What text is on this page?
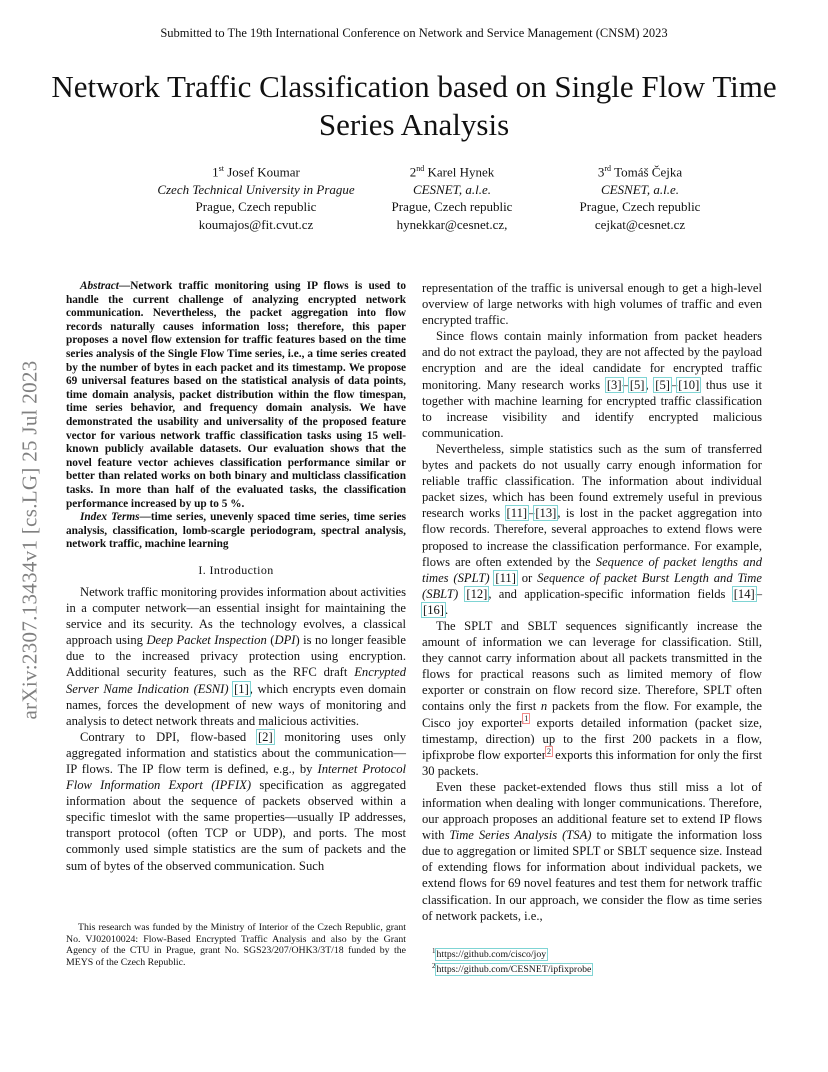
Submitted to The 19th International Conference on Network and Service Management (CNSM) 2023
Network Traffic Classification based on Single Flow Time Series Analysis
1st Josef Koumar
Czech Technical University in Prague
Prague, Czech republic
koumajos@fit.cvut.cz
2nd Karel Hynek
CESNET, a.l.e.
Prague, Czech republic
hynekkar@cesnet.cz,
3rd Tomáš Čejka
CESNET, a.l.e.
Prague, Czech republic
cejkat@cesnet.cz
arXiv:2307.13434v1 [cs.LG] 25 Jul 2023

Abstract—Network traffic monitoring using IP flows is used to handle the current challenge of analyzing encrypted network communication. Nevertheless, the packet aggregation into flow records naturally causes information loss; therefore, this paper proposes a novel flow extension for traffic features based on the time series analysis of the Single Flow Time series, i.e., a time series created by the number of bytes in each packet and its timestamp. We propose 69 universal features based on the statistical analysis of data points, time domain analysis, packet distribution within the flow timespan, time series behavior, and frequency domain analysis. We have demonstrated the usability and universality of the proposed feature vector for various network traffic classification tasks using 15 well-known publicly available datasets. Our evaluation shows that the novel feature vector achieves classification performance similar or better than related works on both binary and multiclass classification tasks. In more than half of the evaluated tasks, the classification performance increased by up to 5 %.

Index Terms—time series, unevenly spaced time series, time series analysis, classification, lomb-scargle periodogram, spectral analysis, network traffic, machine learning

I. Introduction

Network traffic monitoring provides information about activities in a computer network—an essential insight for maintaining the service and its security. As the technology evolves, a classical approach using Deep Packet Inspection (DPI) is no longer feasible due to the increased privacy protection using encryption. Additional security features, such as the RFC draft Encrypted Server Name Indication (ESNI) [1], which encrypts even domain names, forces the development of new ways of monitoring and analysis to detect network threats and malicious activities.

Contrary to DPI, flow-based [2] monitoring uses only aggregated information and statistics about the communication—IP flows. The IP flow term is defined, e.g., by Internet Protocol Flow Information Export (IPFIX) specification as aggregated information about the sequence of packets observed within a specific timeslot with the same properties—usually IP addresses, transport protocol (often TCP or UDP), and ports. The most commonly used simple statistics are the sum of packets and the sum of bytes of the observed communication. Such

This research was funded by the Ministry of Interior of the Czech Republic, grant No. VJ02010024: Flow-Based Encrypted Traffic Analysis and also by the Grant Agency of the CTU in Prague, grant No. SGS23/207/OHK3/3T/18 funded by the MEYS of the Czech Republic.

representation of the traffic is universal enough to get a high-level overview of large networks with high volumes of traffic and even encrypted traffic.

Since flows contain mainly information from packet headers and do not extract the payload, they are not affected by the payload encryption and are the ideal candidate for encrypted traffic monitoring. Many research works [3]–[5], [5]–[10] thus use it together with machine learning for encrypted traffic classification to increase visibility and identify encrypted malicious communication.

Nevertheless, simple statistics such as the sum of transferred bytes and packets do not usually carry enough information for reliable traffic classification. The information about individual packet sizes, which has been found extremely useful in previous research works [11]–[13], is lost in the packet aggregation into flow records. Therefore, several approaches to extend flows were proposed to increase the classification performance. For example, flows are often extended by the Sequence of packet lengths and times (SPLT) [11] or Sequence of packet Burst Length and Time (SBLT) [12], and application-specific information fields [14]–[16].

The SPLT and SBLT sequences significantly increase the amount of information we can leverage for classification. Still, they cannot carry information about all packets transmitted in the flows for practical reasons such as limited memory of flow exporter or constrain on flow record size. Therefore, SPLT often contains only the first n packets from the flow. For example, the Cisco joy exporter$^1$ exports detailed information (packet size, timestamp, direction) up to the first 200 packets in a flow, ipfixprobe flow exporter$^2$ exports this information for only the first 30 packets.

Even these packet-extended flows thus still miss a lot of information when dealing with longer communications. Therefore, our approach proposes an additional feature set to extend IP flows with Time Series Analysis (TSA) to mitigate the information loss due to aggregation or limited SPLT or SBLT sequence size. Instead of extending flows for information about individual packets, we extend flows for 69 novel features and test them for network traffic classification. In our approach, we consider the flow as time series of network packets, i.e.,

$^1$https://github.com/cisco/joy
$^2$https://github.com/CESNET/ipfixprobe
